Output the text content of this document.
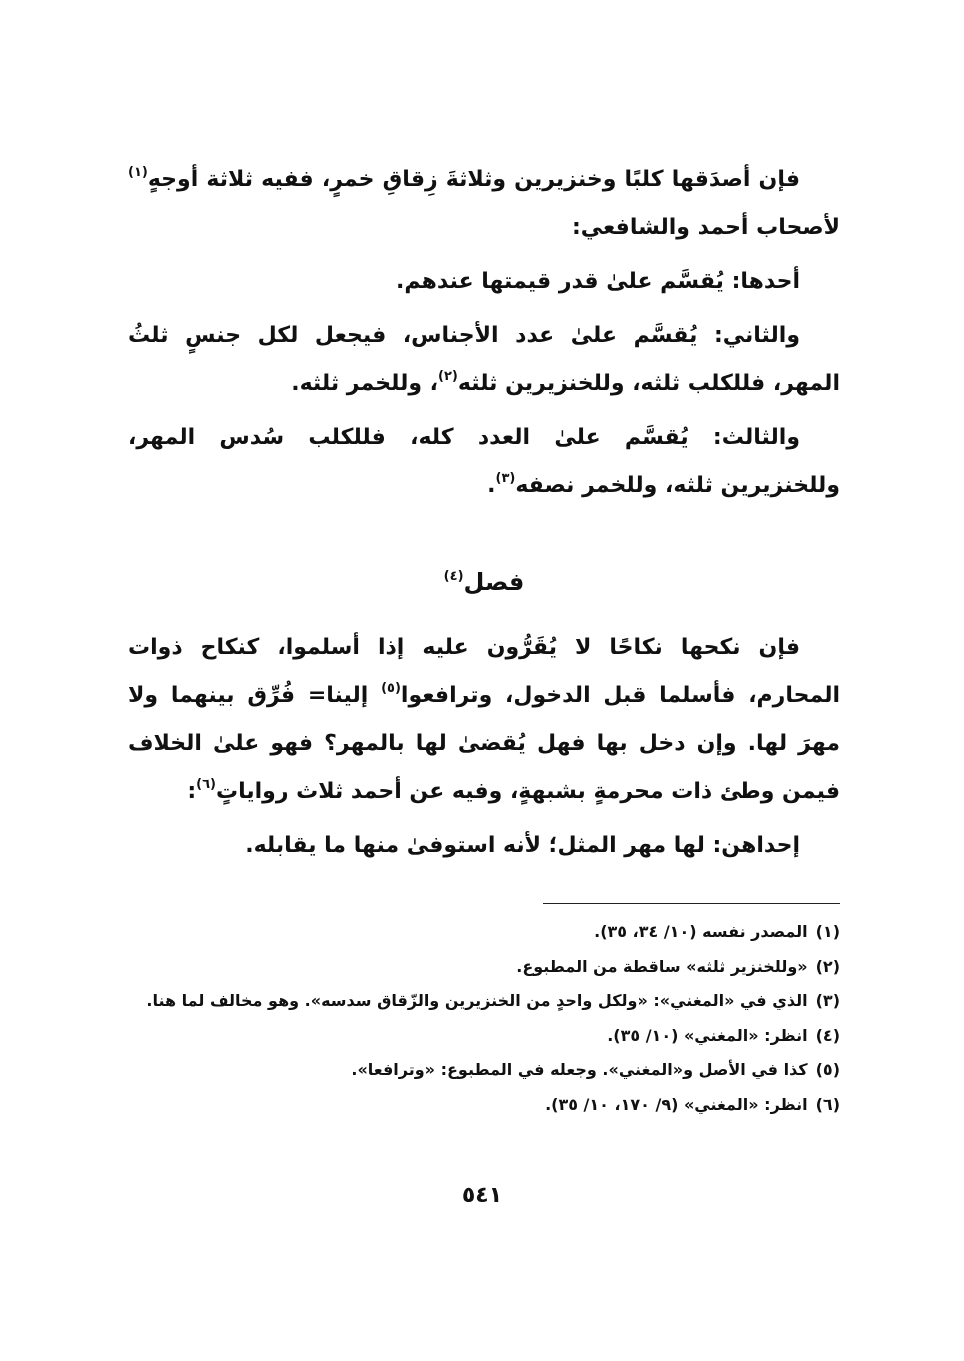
فإن أصدَقها كلبًا وخنزيرين وثلاثةَ زِقاقِ خمرٍ، ففيه ثلاثة أوجهٍ$^{(١)}$ لأصحاب أحمد والشافعي:

أحدها: يُقسَّم علىٰ قدر قيمتها عندهم.

والثاني: يُقسَّم علىٰ عدد الأجناس، فيجعل لكل جنسٍ ثلثُ المهر، فللكلب ثلثه، وللخنزيرين ثلثه$^{(٢)}$، وللخمر ثلثه.

والثالث: يُقسَّم علىٰ العدد كله، فللكلب سُدس المهر، وللخنزيرين ثلثه، وللخمر نصفه$^{(٣)}$.

فصل$^{(٤)}$

فإن نكحها نكاحًا لا يُقَرُّون عليه إذا أسلموا، كنكاح ذوات المحارم، فأسلما قبل الدخول، وترافعوا$^{(٥)}$ إلينا= فُرِّق بينهما ولا مهرَ لها. وإن دخل بها فهل يُقضىٰ لها بالمهر؟ فهو علىٰ الخلاف فيمن وطئ ذات محرمةٍ بشبهةٍ، وفيه عن أحمد ثلاث رواياتٍ$^{(٦)}$:

إحداهن: لها مهر المثل؛ لأنه استوفىٰ منها ما يقابله.

(١)المصدر نفسه (١٠/ ٣٤، ٣٥).

(٢)«وللخنزير ثلثه» ساقطة من المطبوع.

(٣)الذي في «المغني»: «ولكل واحدٍ من الخنزيرين والزّقاق سدسه». وهو مخالف لما هنا.

(٤)انظر: «المغني» (١٠/ ٣٥).

(٥)كذا في الأصل و«المغني». وجعله في المطبوع: «وترافعا».

(٦)انظر: «المغني» (٩/ ١٧٠، ١٠/ ٣٥).

٥٤١
